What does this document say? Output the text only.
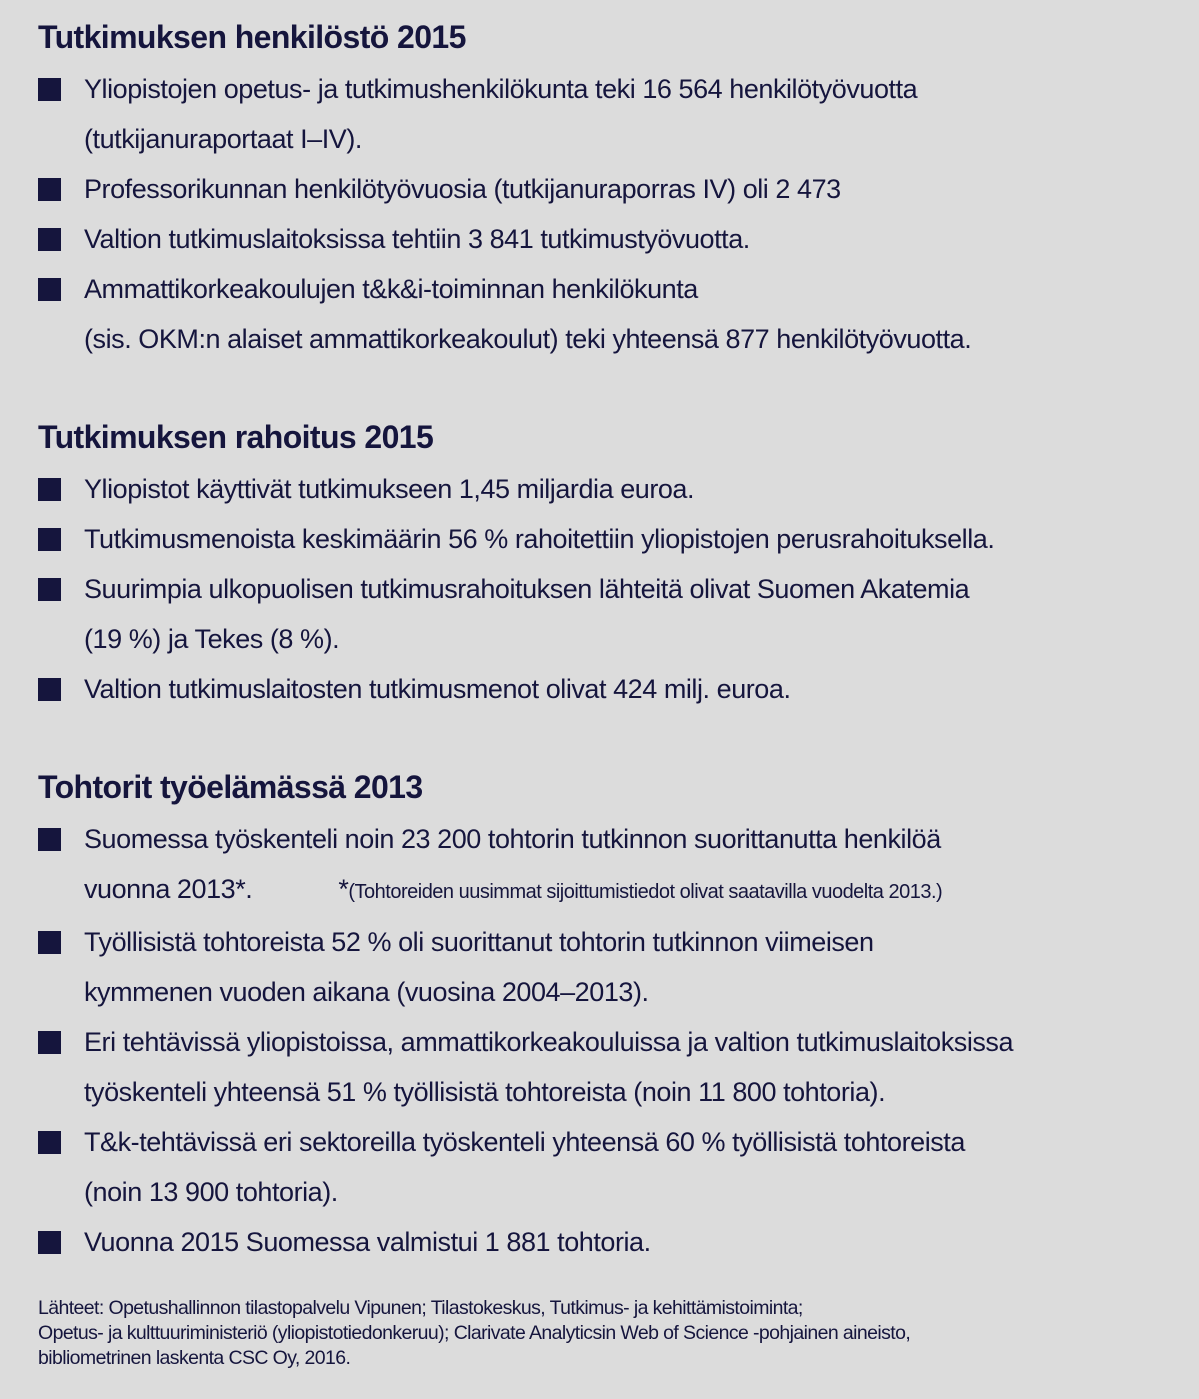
Tutkimuksen henkilöstö 2015
Yliopistojen opetus- ja tutkimushenkilökunta teki 16 564 henkilötyövuotta
(tutkijanuraportaat I–IV).
Professorikunnan henkilötyövuosia (tutkijanuraporras IV) oli 2 473
Valtion tutkimuslaitoksissa tehtiin 3 841 tutkimustyövuotta.
Ammattikorkeakoulujen t&k&i-toiminnan henkilökunta
(sis. OKM:n alaiset ammattikorkeakoulut) teki yhteensä 877 henkilötyövuotta.
Tutkimuksen rahoitus 2015
Yliopistot käyttivät tutkimukseen 1,45 miljardia euroa.
Tutkimusmenoista keskimäärin 56 % rahoitettiin yliopistojen perusrahoituksella.
Suurimpia ulkopuolisen tutkimusrahoituksen lähteitä olivat Suomen Akatemia
(19 %) ja Tekes (8 %).
Valtion tutkimuslaitosten tutkimusmenot olivat 424 milj. euroa.
Tohtorit työelämässä 2013
Suomessa työskenteli noin 23 200 tohtorin tutkinnon suorittanutta henkilöä
vuonna 2013*.	*(Tohtoreiden uusimmat sijoittumistiedot olivat saatavilla vuodelta 2013.)
Työllisistä tohtoreista 52 % oli suorittanut tohtorin tutkinnon viimeisen
kymmenen vuoden aikana (vuosina 2004–2013).
Eri tehtävissä yliopistoissa, ammattikorkeakouluissa ja valtion tutkimuslaitoksissa
työskenteli yhteensä 51 % työllisistä tohtoreista (noin 11 800 tohtoria).
T&k-tehtävissä eri sektoreilla työskenteli yhteensä 60 % työllisistä tohtoreista
(noin 13 900 tohtoria).
Vuonna 2015 Suomessa valmistui 1 881 tohtoria.
Lähteet: Opetushallinnon tilastopalvelu Vipunen; Tilastokeskus, Tutkimus- ja kehittämistoiminta;
Opetus- ja kulttuuriministeriö (yliopistotiedonkeruu); Clarivate Analyticsin Web of Science -pohjainen aineisto,
bibliometrinen laskenta CSC Oy, 2016.
